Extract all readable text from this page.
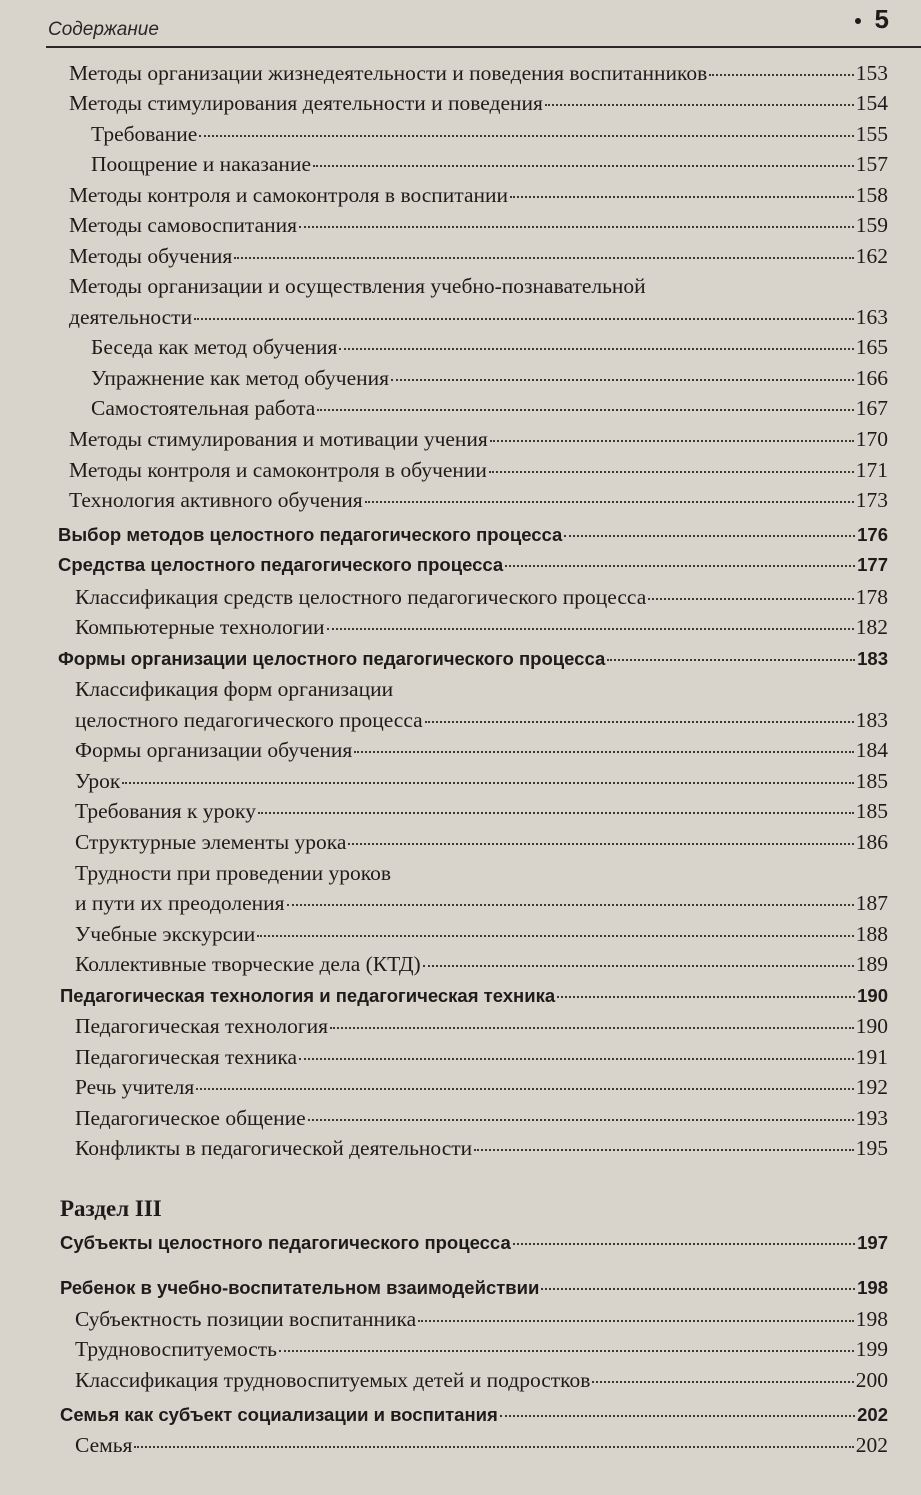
Содержание	5
Методы организации жизнедеятельности и поведения воспитанников	153
Методы стимулирования деятельности и поведения	154
Требование	155
Поощрение и наказание	157
Методы контроля и самоконтроля в воспитании	158
Методы самовоспитания	159
Методы обучения	162
Методы организации и осуществления учебно-познавательной
деятельности	163
Беседа как метод обучения	165
Упражнение как метод обучения	166
Самостоятельная работа	167
Методы стимулирования и мотивации учения	170
Методы контроля и самоконтроля в обучении	171
Технология активного обучения	173
Выбор методов целостного педагогического процесса	176
Средства целостного педагогического процесса	177
Классификация средств целостного педагогического процесса	178
Компьютерные технологии	182
Формы организации целостного педагогического процесса	183
Классификация форм организации
целостного педагогического процесса	183
Формы организации обучения	184
Урок	185
Требования к уроку	185
Структурные элементы урока	186
Трудности при проведении уроков
и пути их преодоления	187
Учебные экскурсии	188
Коллективные творческие дела (КТД)	189
Педагогическая технология и педагогическая техника	190
Педагогическая технология	190
Педагогическая техника	191
Речь учителя	192
Педагогическое общение	193
Конфликты в педагогической деятельности	195
Раздел III
Субъекты целостного педагогического процесса	197
Ребенок в учебно-воспитательном взаимодействии	198
Субъектность позиции воспитанника	198
Трудновоспитуемость	199
Классификация трудновоспитуемых детей и подростков	200
Семья как субъект социализации и воспитания	202
Семья	202
